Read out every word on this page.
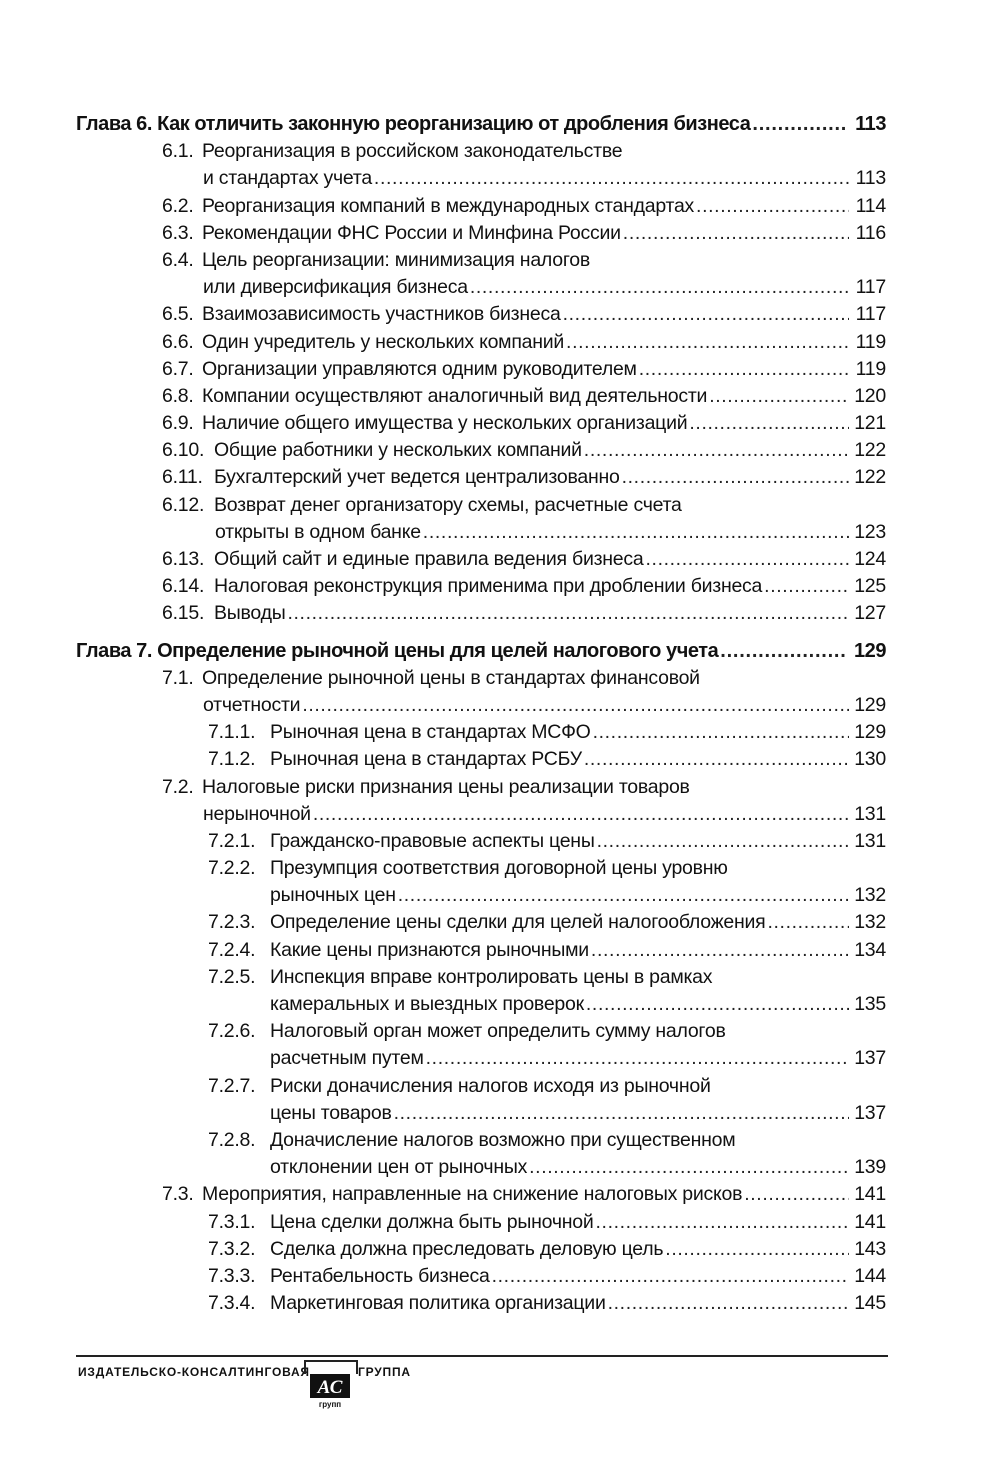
Глава 6. Как отличить законную реорганизацию от дробления бизнеса . . .	113
6.1. Реорганизация в российском законодательстве
и стандартах учета . . .	113
6.2. Реорганизация компаний в международных стандартах . . .	114
6.3. Рекомендации ФНС России и Минфина России . . .	116
6.4. Цель реорганизации: минимизация налогов
или диверсификация бизнеса . . .	117
6.5. Взаимозависимость участников бизнеса . . .	117
6.6. Один учредитель у нескольких компаний . . .	119
6.7. Организации управляются одним руководителем . . .	119
6.8. Компании осуществляют аналогичный вид деятельности . . .	120
6.9. Наличие общего имущества у нескольких организаций . . .	121
6.10. Общие работники у нескольких компаний . . .	122
6.11. Бухгалтерский учет ведется централизованно . . .	122
6.12. Возврат денег организатору схемы, расчетные счета
открыты в одном банке . . .	123
6.13. Общий сайт и единые правила ведения бизнеса . . .	124
6.14. Налоговая реконструкция применима при дроблении бизнеса . . .	125
6.15. Выводы . . .	127
Глава 7. Определение рыночной цены для целей налогового учета . . .	129
7.1. Определение рыночной цены в стандартах финансовой
отчетности . . .	129
7.1.1. Рыночная цена в стандартах МСФО . . .	129
7.1.2. Рыночная цена в стандартах РСБУ . . .	130
7.2. Налоговые риски признания цены реализации товаров
нерыночной . . .	131
7.2.1. Гражданско-правовые аспекты цены . . .	131
7.2.2. Презумпция соответствия договорной цены уровню
рыночных цен . . .	132
7.2.3. Определение цены сделки для целей налогообложения . . .	132
7.2.4. Какие цены признаются рыночными . . .	134
7.2.5. Инспекция вправе контролировать цены в рамках
камеральных и выездных проверок . . .	135
7.2.6. Налоговый орган может определить сумму налогов
расчетным путем . . .	137
7.2.7. Риски доначисления налогов исходя из рыночной
цены товаров . . .	137
7.2.8. Доначисление налогов возможно при существенном
отклонении цен от рыночных . . .	139
7.3. Мероприятия, направленные на снижение налоговых рисков . . .	141
7.3.1. Цена сделки должна быть рыночной . . .	141
7.3.2. Сделка должна преследовать деловую цель . . .	143
7.3.3. Рентабельность бизнеса . . .	144
7.3.4. Маркетинговая политика организации . . .	145
ИЗДАТЕЛЬСКО-КОНСАЛТИНГОВАЯ
АС
групп
ГРУППА
